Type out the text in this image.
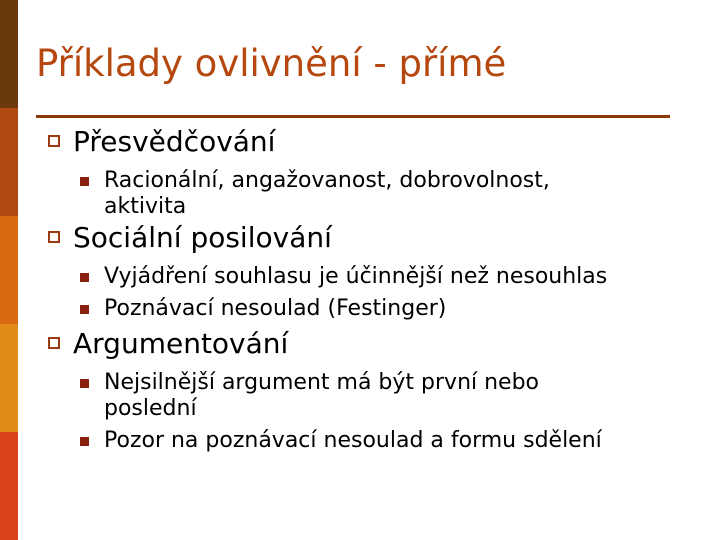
Příklady ovlivnění - přímé
Přesvědčování
Racionální, angažovanost, dobrovolnost, aktivita
Sociální posilování
Vyjádření souhlasu je účinnější než nesouhlas
Poznávací nesoulad (Festinger)
Argumentování
Nejsilnější argument má být první nebo poslední
Pozor na poznávací nesoulad a formu sdělení
